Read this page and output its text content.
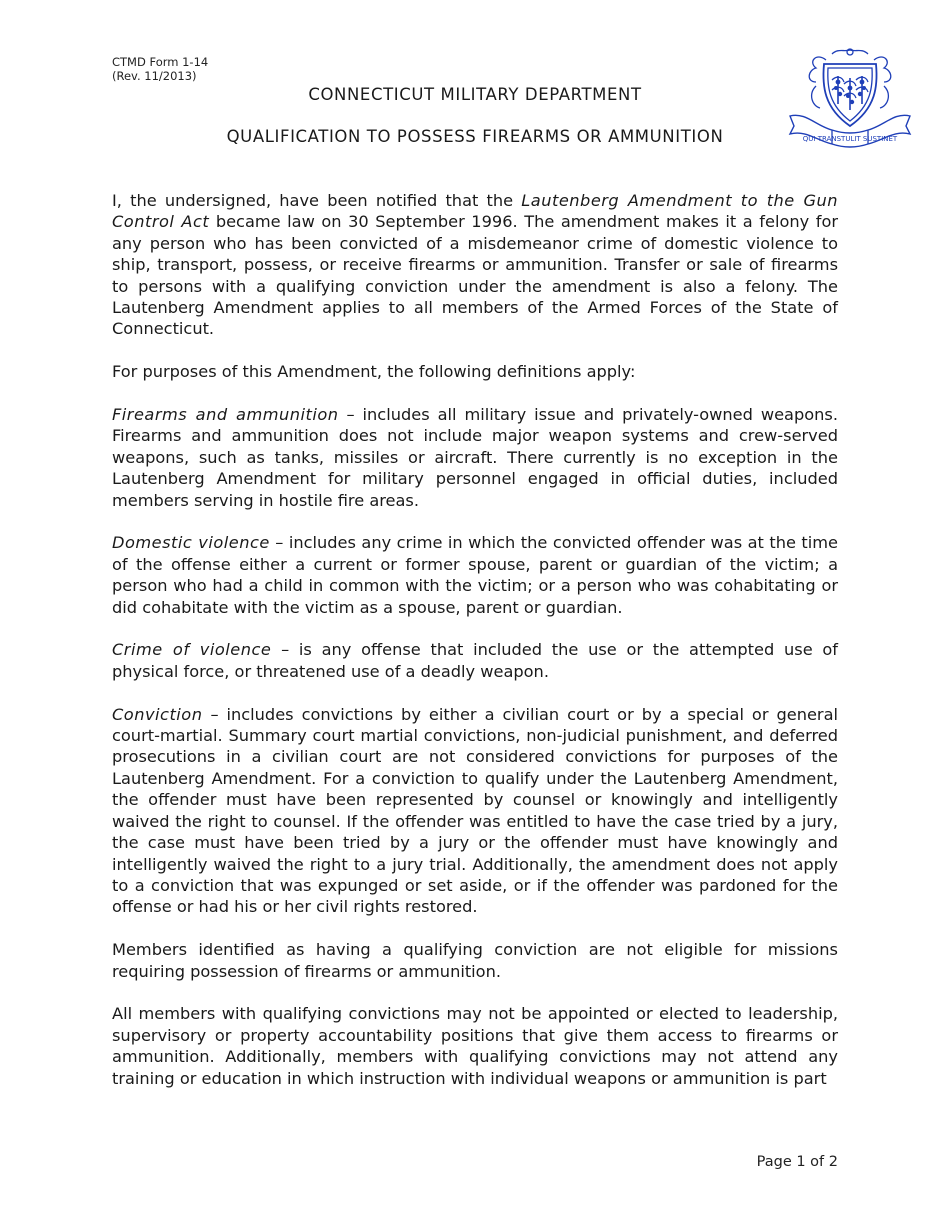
CTMD Form 1-14
(Rev. 11/2013)
CONNECTICUT MILITARY DEPARTMENT
QUALIFICATION TO POSSESS FIREARMS OR AMMUNITION	QUI TRANSTULIT SUSTINET

I, the undersigned, have been notified that the Lautenberg Amendment to the Gun Control Act became law on 30 September 1996. The amendment makes it a felony for any person who has been convicted of a misdemeanor crime of domestic violence to ship, transport, possess, or receive firearms or ammunition. Transfer or sale of firearms to persons with a qualifying conviction under the amendment is also a felony. The Lautenberg Amendment applies to all members of the Armed Forces of the State of Connecticut.

For purposes of this Amendment, the following definitions apply:

Firearms and ammunition – includes all military issue and privately-owned weapons. Firearms and ammunition does not include major weapon systems and crew-served weapons, such as tanks, missiles or aircraft. There currently is no exception in the Lautenberg Amendment for military personnel engaged in official duties, included members serving in hostile fire areas.

Domestic violence – includes any crime in which the convicted offender was at the time of the offense either a current or former spouse, parent or guardian of the victim; a person who had a child in common with the victim; or a person who was cohabitating or did cohabitate with the victim as a spouse, parent or guardian.

Crime of violence – is any offense that included the use or the attempted use of physical force, or threatened use of a deadly weapon.

Conviction – includes convictions by either a civilian court or by a special or general court-martial. Summary court martial convictions, non-judicial punishment, and deferred prosecutions in a civilian court are not considered convictions for purposes of the Lautenberg Amendment. For a conviction to qualify under the Lautenberg Amendment, the offender must have been represented by counsel or knowingly and intelligently waived the right to counsel. If the offender was entitled to have the case tried by a jury, the case must have been tried by a jury or the offender must have knowingly and intelligently waived the right to a jury trial. Additionally, the amendment does not apply to a conviction that was expunged or set aside, or if the offender was pardoned for the offense or had his or her civil rights restored.

Members identified as having a qualifying conviction are not eligible for missions requiring possession of firearms or ammunition.

All members with qualifying convictions may not be appointed or elected to leadership, supervisory or property accountability positions that give them access to firearms or ammunition. Additionally, members with qualifying convictions may not attend any training or education in which instruction with individual weapons or ammunition is part

Page 1 of 2
